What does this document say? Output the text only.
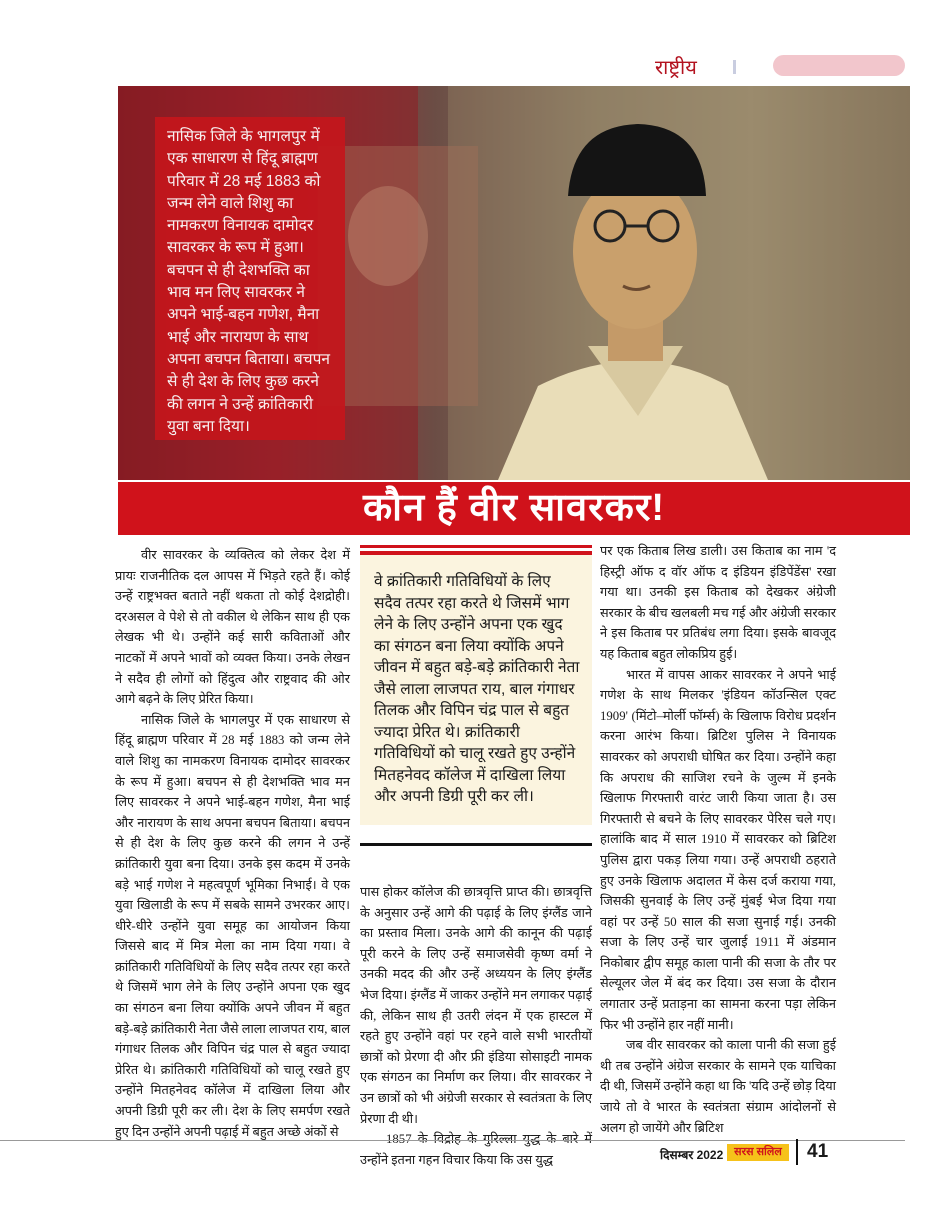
राष्ट्रीय
नासिक जिले के भागलपुर में एक साधारण से हिंदू ब्राह्मण परिवार में 28 मई 1883 को जन्म लेने वाले शिशु का नामकरण विनायक दामोदर सावरकर के रूप में हुआ। बचपन से ही देशभक्ति का भाव मन लिए सावरकर ने अपने भाई-बहन गणेश, मैना भाई और नारायण के साथ अपना बचपन बिताया। बचपन से ही देश के लिए कुछ करने की लगन ने उन्हें क्रांतिकारी युवा बना दिया।
कौन हैं वीर सावरकर!

वीर सावरकर के व्यक्तित्व को लेकर देश में प्रायः राजनीतिक दल आपस में भिड़ते रहते हैं। कोई उन्हें राष्ट्रभक्त बताते नहीं थकता तो कोई देशद्रोही। दरअसल वे पेशे से तो वकील थे लेकिन साथ ही एक लेखक भी थे। उन्होंने कई सारी कविताओं और नाटकों में अपने भावों को व्यक्त किया। उनके लेखन ने सदैव ही लोगों को हिंदुत्व और राष्ट्रवाद की ओर आगे बढ़ने के लिए प्रेरित किया।

नासिक जिले के भागलपुर में एक साधारण से हिंदू ब्राह्मण परिवार में 28 मई 1883 को जन्म लेने वाले शिशु का नामकरण विनायक दामोदर सावरकर के रूप में हुआ। बचपन से ही देशभक्ति भाव मन लिए सावरकर ने अपने भाई-बहन गणेश, मैना भाई और नारायण के साथ अपना बचपन बिताया। बचपन से ही देश के लिए कुछ करने की लगन ने उन्हें क्रांतिकारी युवा बना दिया। उनके इस कदम में उनके बड़े भाई गणेश ने महत्वपूर्ण भूमिका निभाई। वे एक युवा खिलाडी के रूप में सबके सामने उभरकर आए। धीरे-धीरे उन्होंने युवा समूह का आयोजन किया जिससे बाद में मित्र मेला का नाम दिया गया। वे क्रांतिकारी गतिविधियों के लिए सदैव तत्पर रहा करते थे जिसमें भाग लेने के लिए उन्होंने अपना एक खुद का संगठन बना लिया क्योंकि अपने जीवन में बहुत बड़े-बड़े क्रांतिकारी नेता जैसे लाला लाजपत राय, बाल गंगाधर तिलक और विपिन चंद्र पाल से बहुत ज्यादा प्रेरित थे। क्रांतिकारी गतिविधियों को चालू रखते हुए उन्होंने मितहनेवद कॉलेज में दाखिला लिया और अपनी डिग्री पूरी कर ली। देश के लिए समर्पण रखते हुए दिन उन्होंने अपनी पढ़ाई में बहुत अच्छे अंकों से

वे क्रांतिकारी गतिविधियों के लिए सदैव तत्पर रहा करते थे जिसमें भाग लेने के लिए उन्होंने अपना एक खुद का संगठन बना लिया क्योंकि अपने जीवन में बहुत बड़े-बड़े क्रांतिकारी नेता जैसे लाला लाजपत राय, बाल गंगाधर तिलक और विपिन चंद्र पाल से बहुत ज्यादा प्रेरित थे। क्रांतिकारी गतिविधियों को चालू रखते हुए उन्होंने मितहनेवद कॉलेज में दाखिला लिया और अपनी डिग्री पूरी कर ली।

पास होकर कॉलेज की छात्रवृत्ति प्राप्त की। छात्रवृत्ति के अनुसार उन्हें आगे की पढ़ाई के लिए इंग्लैंड जाने का प्रस्ताव मिला। उनके आगे की कानून की पढ़ाई पूरी करने के लिए उन्हें समाजसेवी कृष्ण वर्मा ने उनकी मदद की और उन्हें अध्ययन के लिए इंग्लैंड भेज दिया। इंग्लैंड में जाकर उन्होंने मन लगाकर पढ़ाई की, लेकिन साथ ही उतरी लंदन में एक हास्टल में रहते हुए उन्होंने वहां पर रहने वाले सभी भारतीयों छात्रों को प्रेरणा दी और फ्री इंडिया सोसाइटी नामक एक संगठन का निर्माण कर लिया। वीर सावरकर ने उन छात्रों को भी अंग्रेजी सरकार से स्वतंत्रता के लिए प्रेरणा दी थी।

उन्होंने इतना गहन विचार किया कि उस युद्ध

पर एक किताब लिख डाली। उस किताब का नाम 'द हिस्ट्री ऑफ द वॉर ऑफ द इंडियन इंडिपेंडेंस' रखा गया था। उनकी इस किताब को देखकर अंग्रेजी सरकार के बीच खलबली मच गई और अंग्रेजी सरकार ने इस किताब पर प्रतिबंध लगा दिया। इसके बावजूद यह किताब बहुत लोकप्रिय हुई।

भारत में वापस आकर सावरकर ने अपने भाई गणेश के साथ मिलकर 'इंडियन कॉउन्सिल एक्ट 1909' (मिंटो–मोर्ली फॉर्म्स) के खिलाफ विरोध प्रदर्शन करना आरंभ किया। ब्रिटिश पुलिस ने विनायक सावरकर को अपराधी घोषित कर दिया। उन्होंने कहा कि अपराध की साजिश रचने के जुल्म में इनके खिलाफ गिरफ्तारी वारंट जारी किया जाता है। उस गिरफ्तारी से बचने के लिए सावरकर पेरिस चले गए। हालांकि बाद में साल 1910 में सावरकर को ब्रिटिश पुलिस द्वारा पकड़ लिया गया। उन्हें अपराधी ठहराते हुए उनके खिलाफ अदालत में केस दर्ज कराया गया, जिसकी सुनवाई के लिए उन्हें मुंबई भेज दिया गया वहां पर उन्हें 50 साल की सजा सुनाई गई। उनकी सजा के लिए उन्हें चार जुलाई 1911 में अंडमान निकोबार द्वीप समूह काला पानी की सजा के तौर पर सेल्यूलर जेल में बंद कर दिया। उस सजा के दौरान लगातार उन्हें प्रताड़ना का सामना करना पड़ा लेकिन फिर भी उन्होंने हार नहीं मानी।

जब वीर सावरकर को काला पानी की सजा हुई थी तब उन्होंने अंग्रेज सरकार के सामने एक याचिका दी थी, जिसमें उन्होंने कहा था कि 'यदि उन्हें छोड़ दिया जाये तो वे भारत के स्वतंत्रता संग्राम आंदोलनों से अलग हो जायेंगे और ब्रिटिश

दिसम्बर 2022 सरस सलिल	41
